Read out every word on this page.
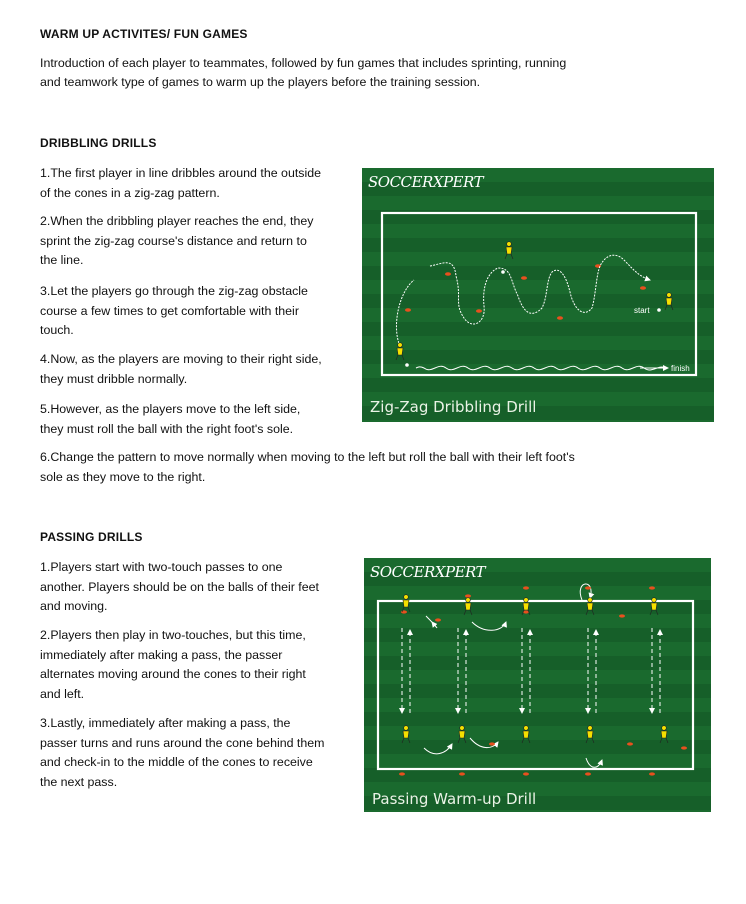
WARM UP ACTIVITES/ FUN GAMES
Introduction of each player to teammates, followed by fun games that includes sprinting, running
and teamwork type of games to warm up the players before the training session.
DRIBBLING DRILLS
1.The first player in line dribbles around the outside
of the cones in a zig-zag pattern.
2.When the dribbling player reaches the end, they
sprint the zig-zag course's distance and return to
the line.
3.Let the players go through the zig-zag obstacle
course a few times to get comfortable with their
touch.
4.Now, as the players are moving to their right side,
they must dribble normally.
5.However, as the players move to the left side,
they must roll the ball with the right foot's sole.
6.Change the pattern to move normally when moving to the left but roll the ball with their left foot's
sole as they move to the right.
SOCCERXPERT
start
finish
Zig-Zag Dribbling Drill
PASSING DRILLS
1.Players start with two-touch passes to one
another. Players should be on the balls of their feet
and moving.
2.Players then play in two-touches, but this time,
immediately after making a pass, the passer
alternates moving around the cones to their right
and left.
3.Lastly, immediately after making a pass, the
passer turns and runs around the cone behind them
and check-in to the middle of the cones to receive
the next pass.
SOCCERXPERT
Passing Warm-up Drill
